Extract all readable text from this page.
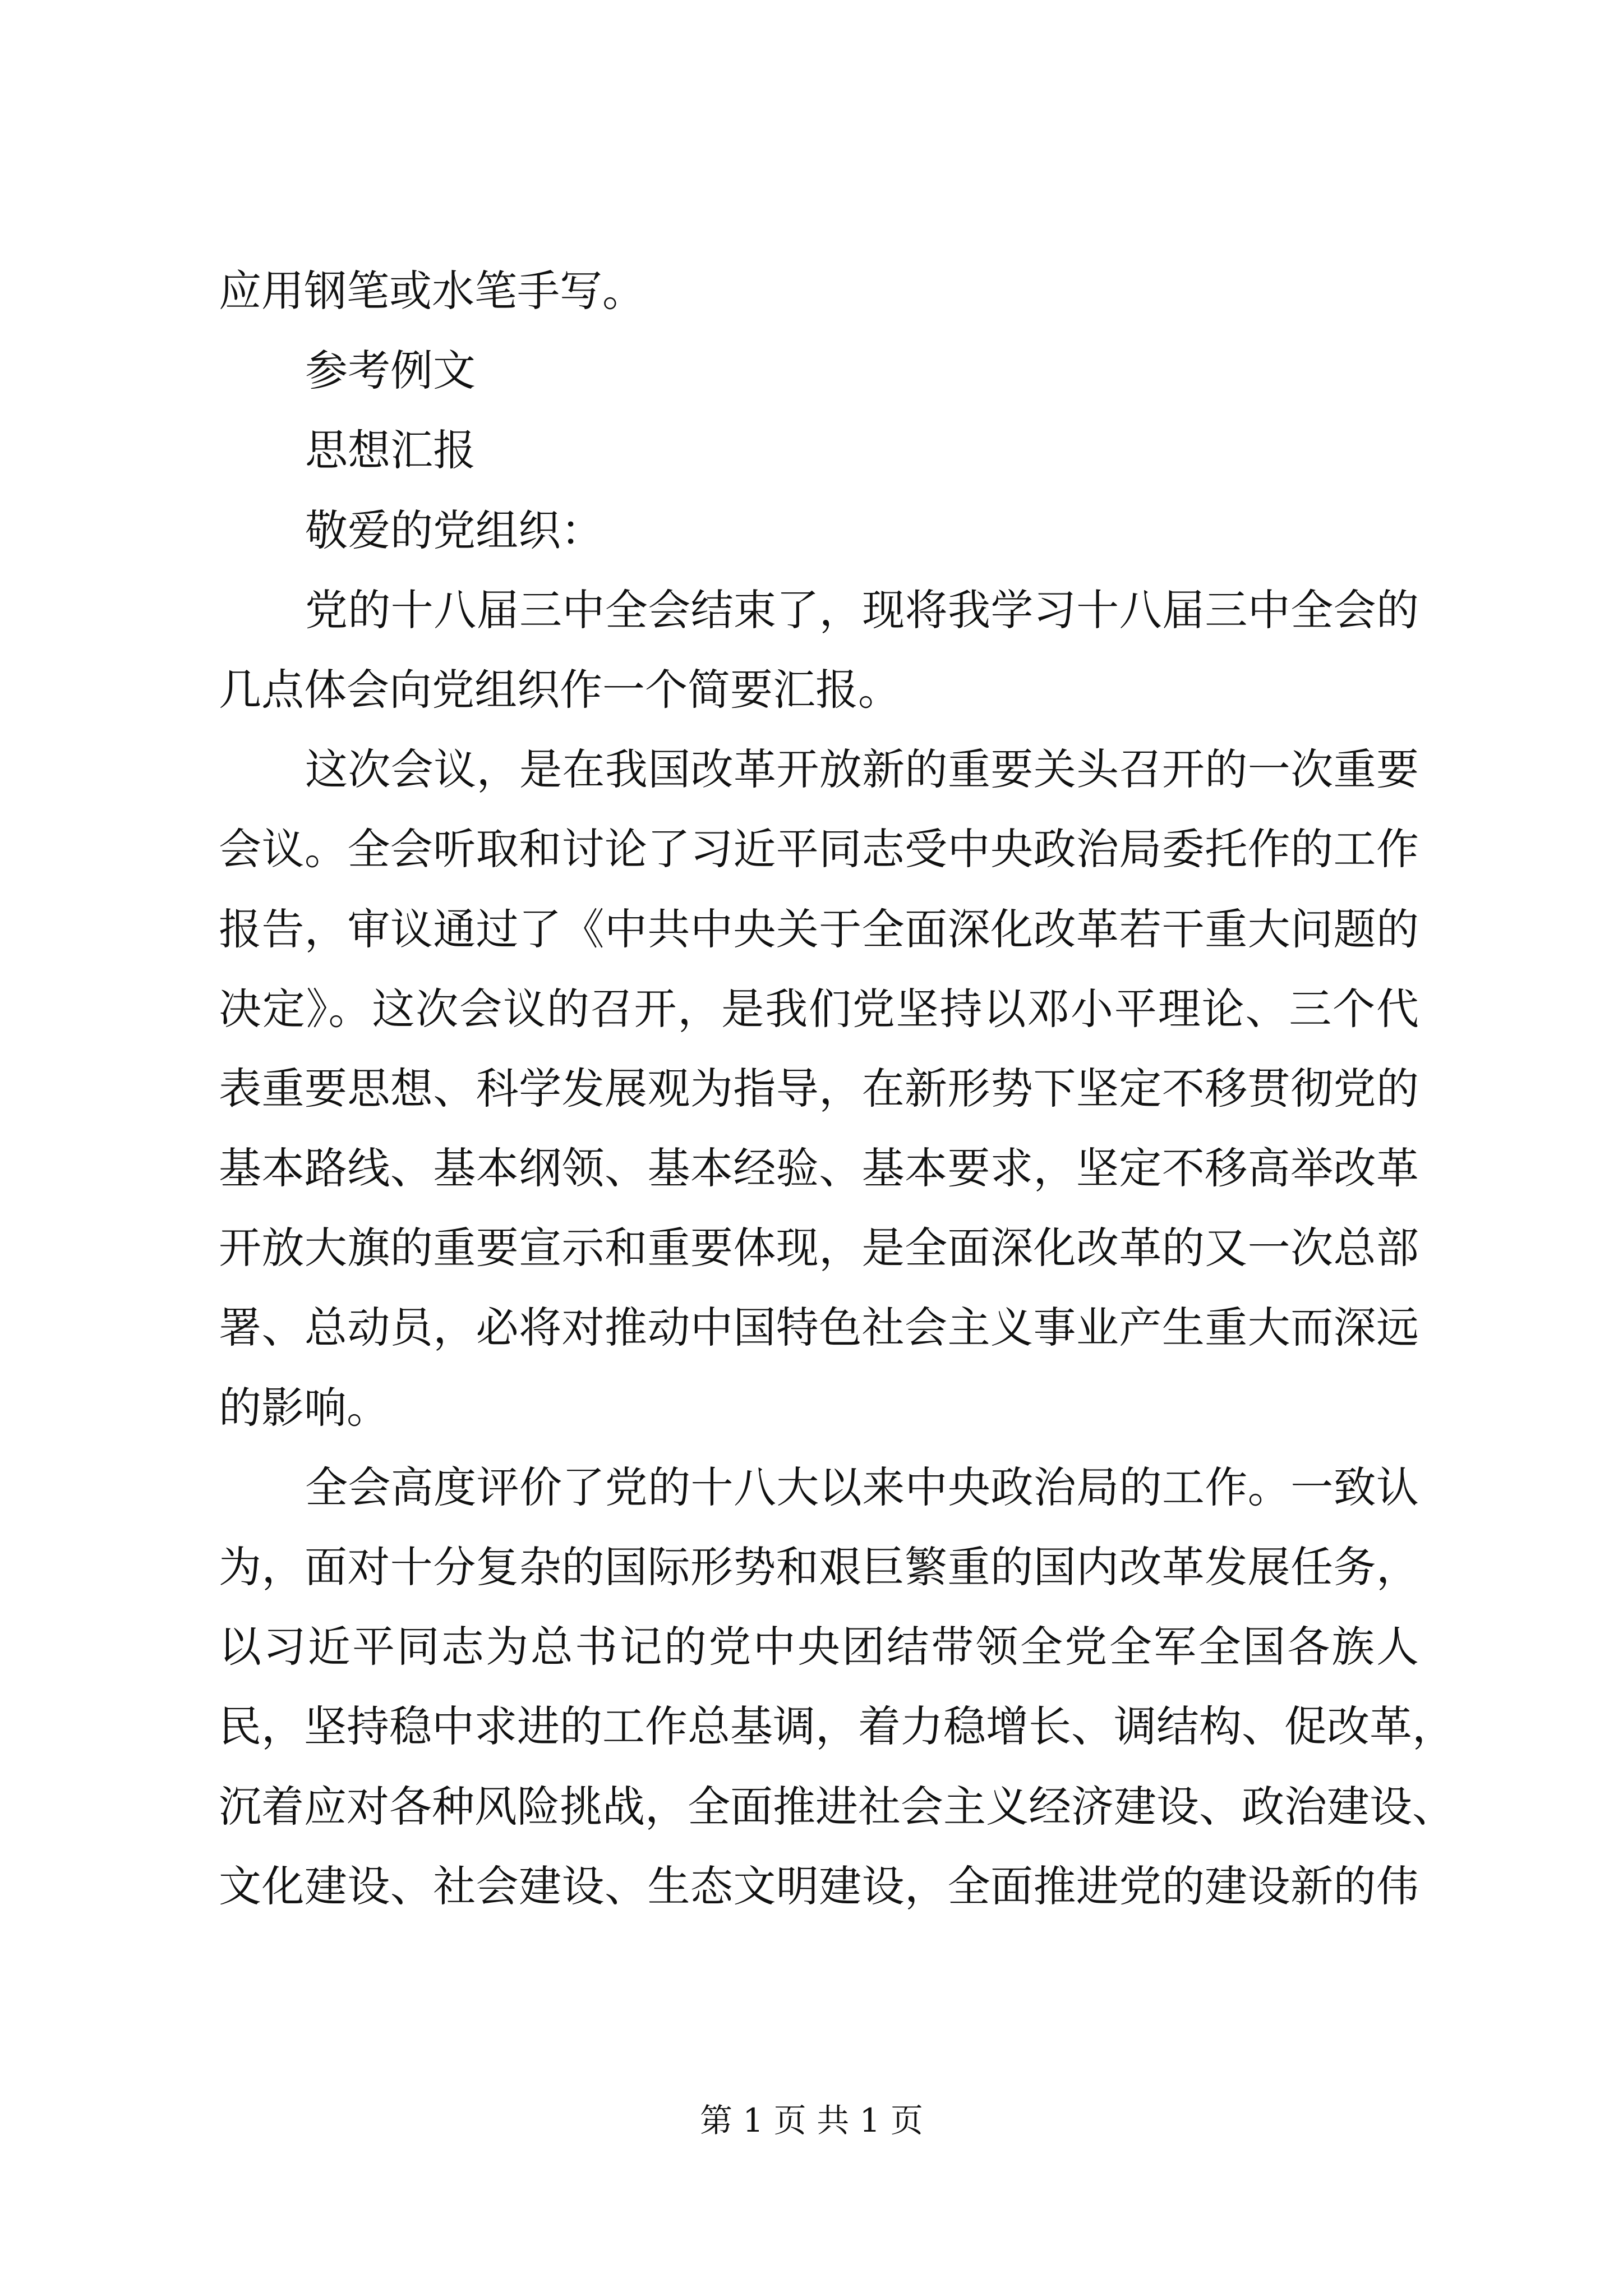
应用钢笔或水笔手写。
参考例文
思想汇报
敬爱的党组织：
党的十八届三中全会结束了，现将我学习十八届三中全会的
几点体会向党组织作一个简要汇报。
这次会议，是在我国改革开放新的重要关头召开的一次重要
会议。全会听取和讨论了习近平同志受中央政治局委托作的工作
报告，审议通过了《中共中央关于全面深化改革若干重大问题的
决定》。这次会议的召开，是我们党坚持以邓小平理论、三个代
表重要思想、科学发展观为指导，在新形势下坚定不移贯彻党的
基本路线、基本纲领、基本经验、基本要求，坚定不移高举改革
开放大旗的重要宣示和重要体现，是全面深化改革的又一次总部
署、总动员，必将对推动中国特色社会主义事业产生重大而深远
的影响。
全会高度评价了党的十八大以来中央政治局的工作。一致认
为，面对十分复杂的国际形势和艰巨繁重的国内改革发展任务，
以习近平同志为总书记的党中央团结带领全党全军全国各族人
民，坚持稳中求进的工作总基调，着力稳增长、调结构、促改革，
沉着应对各种风险挑战，全面推进社会主义经济建设、政治建设、
文化建设、社会建设、生态文明建设，全面推进党的建设新的伟
第 1 页 共 1 页
